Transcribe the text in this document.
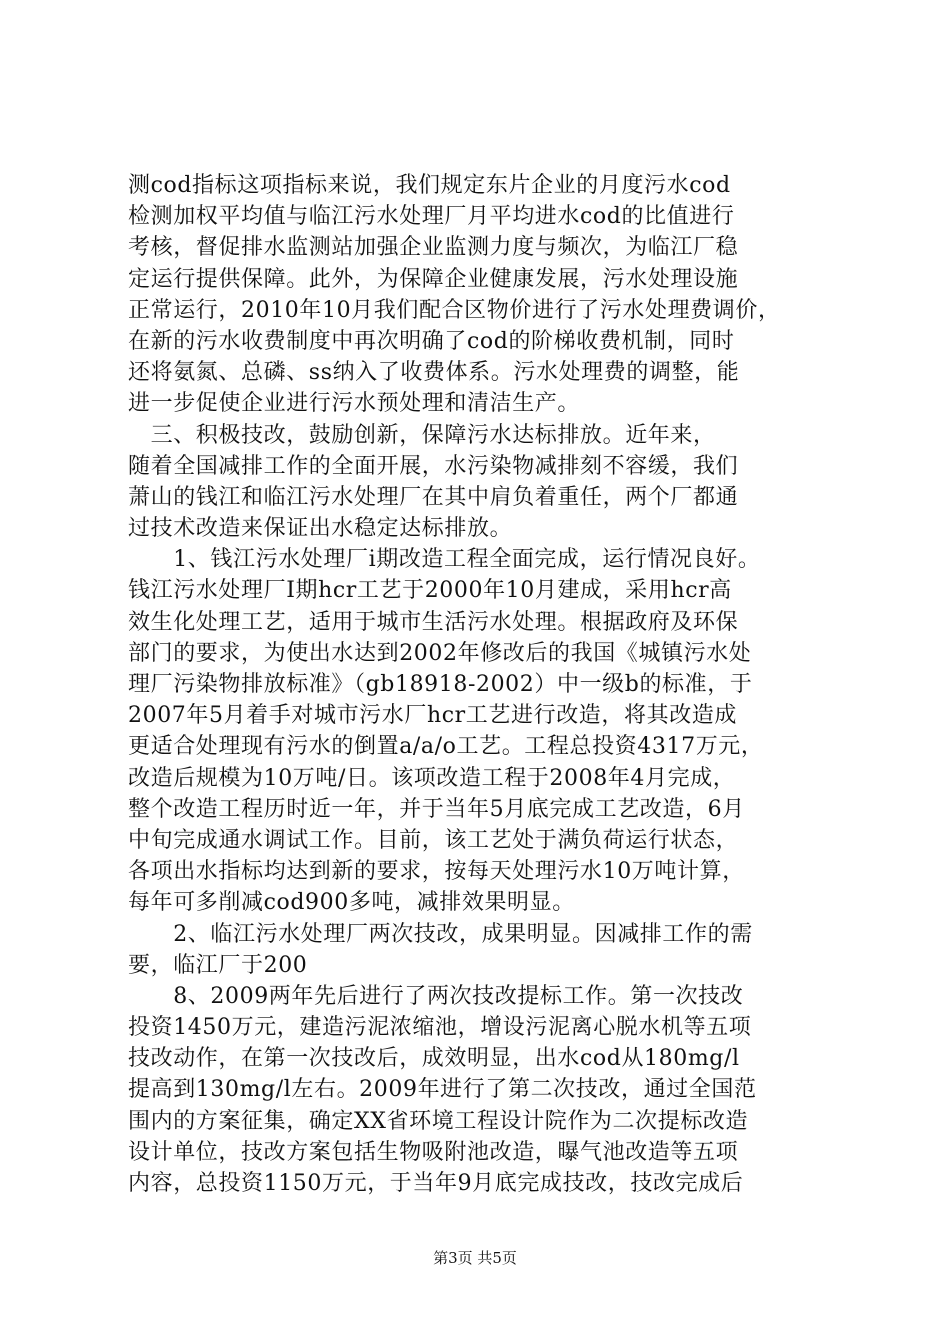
测cod指标这项指标来说，我们规定东片企业的月度污水cod
检测加权平均值与临江污水处理厂月平均进水cod的比值进行
考核，督促排水监测站加强企业监测力度与频次，为临江厂稳
定运行提供保障。此外，为保障企业健康发展，污水处理设施
正常运行，2010年10月我们配合区物价进行了污水处理费调价，
在新的污水收费制度中再次明确了cod的阶梯收费机制，同时
还将氨氮、总磷、ss纳入了收费体系。污水处理费的调整，能
进一步促使企业进行污水预处理和清洁生产。
　三、积极技改，鼓励创新，保障污水达标排放。近年来，
随着全国减排工作的全面开展，水污染物减排刻不容缓，我们
萧山的钱江和临江污水处理厂在其中肩负着重任，两个厂都通
过技术改造来保证出水稳定达标排放。
　　1、钱江污水处理厂i期改造工程全面完成，运行情况良好。
钱江污水处理厂Ⅰ期hcr工艺于2000年10月建成，采用hcr高
效生化处理工艺，适用于城市生活污水处理。根据政府及环保
部门的要求，为使出水达到2002年修改后的我国《城镇污水处
理厂污染物排放标准》（gb18918-2002）中一级b的标准，于
2007年5月着手对城市污水厂hcr工艺进行改造，将其改造成
更适合处理现有污水的倒置a/a/o工艺。工程总投资4317万元，
改造后规模为10万吨/日。该项改造工程于2008年4月完成，
整个改造工程历时近一年，并于当年5月底完成工艺改造，6月
中旬完成通水调试工作。目前，该工艺处于满负荷运行状态，
各项出水指标均达到新的要求，按每天处理污水10万吨计算，
每年可多削减cod900多吨，减排效果明显。
　　2、临江污水处理厂两次技改，成果明显。因减排工作的需
要，临江厂于200
　　8、2009两年先后进行了两次技改提标工作。第一次技改
投资1450万元，建造污泥浓缩池，增设污泥离心脱水机等五项
技改动作，在第一次技改后，成效明显，出水cod从180mg/l
提高到130mg/l左右。2009年进行了第二次技改，通过全国范
围内的方案征集，确定XX省环境工程设计院作为二次提标改造
设计单位，技改方案包括生物吸附池改造，曝气池改造等五项
内容，总投资1150万元，于当年9月底完成技改，技改完成后
第3页 共5页
